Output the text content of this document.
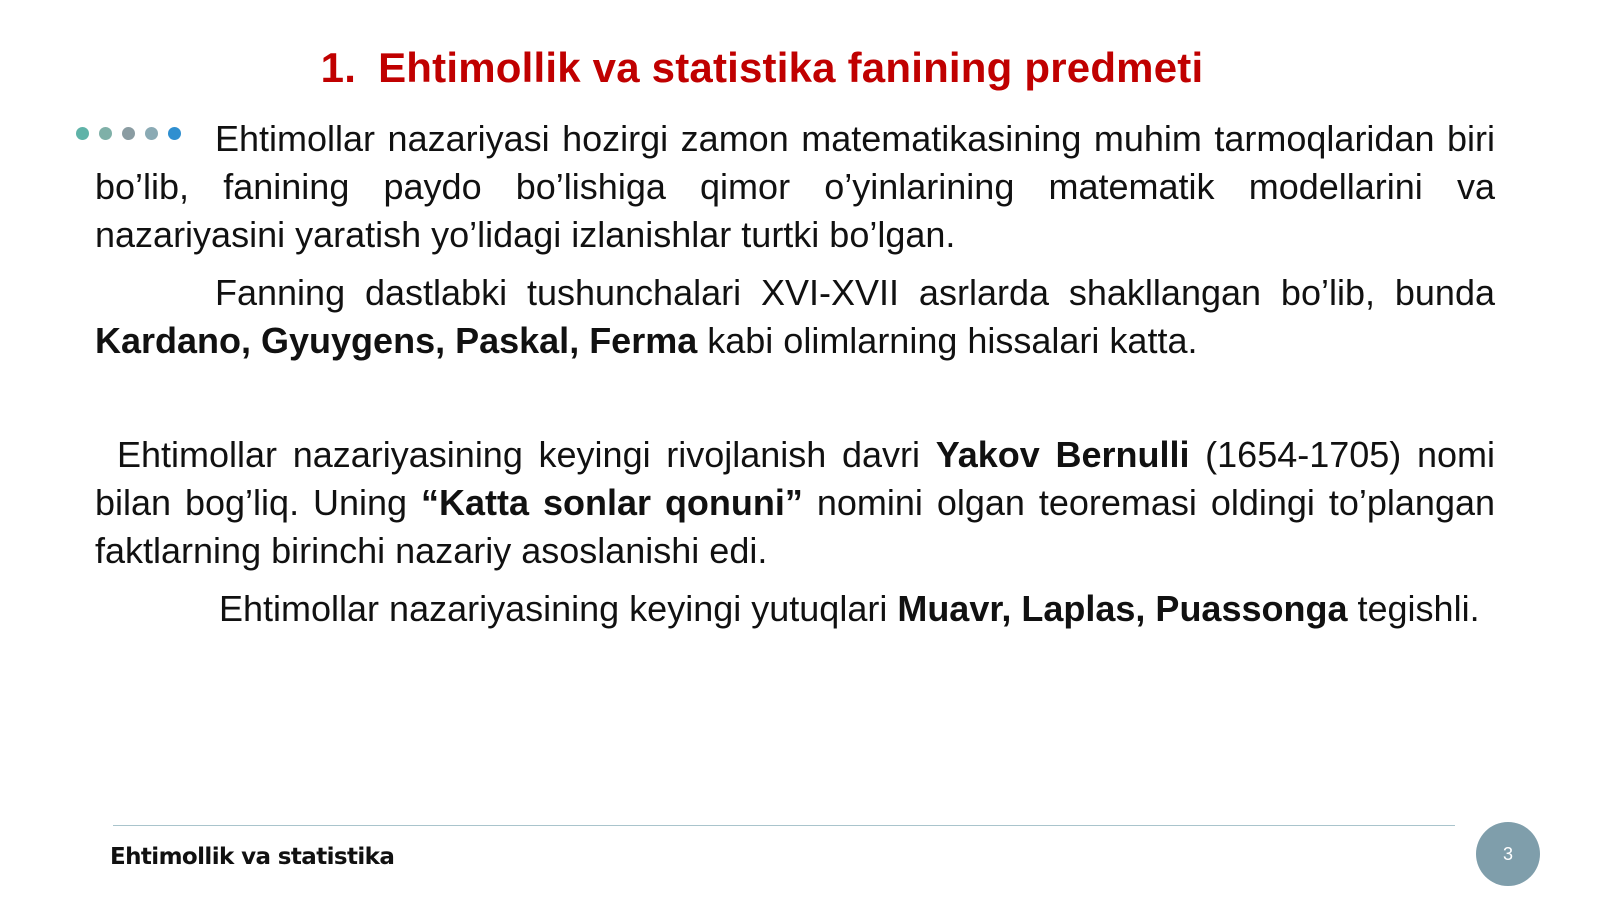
1. Ehtimollik va statistika fanining predmeti

Ehtimollar nazariyasi hozirgi zamon matematikasining muhim tarmoqlaridan biri bo’lib, fanining paydo bo’lishiga qimor o’yinlarining matematik modellarini va nazariyasini yaratish yo’lidagi izlanishlar turtki bo’lgan.

Fanning dastlabki tushunchalari XVI-XVII asrlarda shakllangan bo’lib, bunda Kardano, Gyuygens, Paskal, Ferma kabi olimlarning hissalari katta.

Ehtimollar nazariyasining keyingi rivojlanish davri Yakov Bernulli (1654-1705) nomi bilan bog’liq. Uning “Katta sonlar qonuni” nomini olgan teoremasi oldingi to’plangan faktlarning birinchi nazariy asoslanishi edi.

Ehtimollar nazariyasining keyingi yutuqlari Muavr, Laplas, Puassonga tegishli.

Ehtimollik va statistika	3
